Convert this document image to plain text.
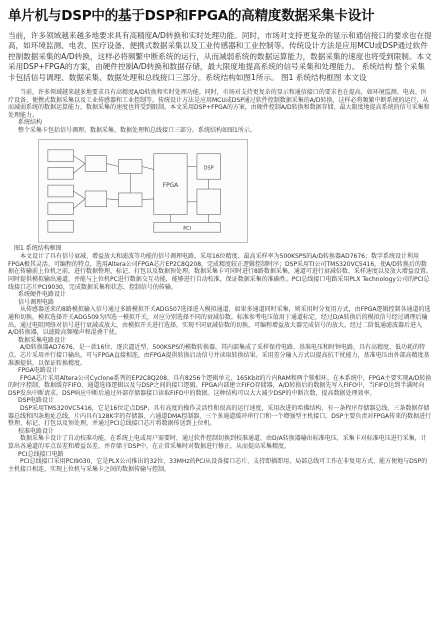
单片机与DSP中的基于DSP和FPGA的高精度数据采集卡设计
当前，许多领域越来越多地要求具有高精度A/D转换和实时处理功能。同时，市场对支持更复杂的显示和通信接口的要求也在提高，如环境监测、电表、医疗设备、便携式数据采集以及工业传感器和工业控制等。传统设计方法是应用MCU或DSP通过软件控制数据采集的A/D转换，这样必将频繁中断系统的运行，从而减弱系统的数据运算能力，数据采集的速度也将受到限制。本文采用DSP+FPGA的方案，由硬件控制A/D转换和数据存储，最大限度地提高系统的信号采集和处理能力。 系统结构 整个采集卡包括信号调理、数据采集、数据处理和总线接口三部分。系统结构如图1所示。 图1 系统结构框图 本文设

当前，许多领域越来越多地要求具有高精度A/D转换和实时处理功能。同时，市场对支持更复杂的显示和通信接口的要求也在提高，如环境监测、电表、医疗设备、便携式数据采集以及工业传感器和工业控制等。传统设计方法是应用MCU或DSP通过软件控制数据采集的A/D转换，这样必将频繁中断系统的运行，从而减弱系统的数据运算能力，数据采集的速度也将受到限制。本文采用DSP+FPGA的方案，由硬件控制A/D转换和数据存储，最大限度地提高系统的信号采集和处理能力。

系统结构

整个采集卡包括信号调理、数据采集、数据处理和总线接口三部分。系统结构如图1所示。

FPGA
DSP
PCI

图1 系统结构框图

本文设计了具有信号衰减、增益放大和滤波等功能的信号调理电路，采用16位精度、最高采样率为500KSPS的A/D转换器AD7676；数字系统设计利用FPGA极其灵活、可编程的特点，选用Altera公司FPGA芯片EP2C8Q208，完成精度较正逻辑控制时序；DSP采用TI公司TMS320VC5416，使A/D转换后的数据在传输前上位机之前，进行数据整理、标记、打包以及数据预处理。数据采集卡可同时进行8路数据采集，通道可进行衰减倍数、采样速度以及放大增益设置。同时提供模拟输出通道，并能与上位机PC进行数据交互功能，能够进行自动校准，保证数据采集的准确性。PCI总线接口电路采用PLX Technology公司的PCI总线接口芯片PCI9030，完成数据采集和状态、控制信号的传输。

系统硬件电路设计

信号调理电路

从传感器送来的8路模拟输入信号通过多路模拟开关ADG507选择进入模拟通道，如果多通道同时采集，则采用时分复用方式，由FPGA逻辑控制各通道的选通和切换。模拟选择开关ADG509为四选一模拟开关，对应分别选择不同的衰减倍数。标准参考电压值用于通道标定，经过D/A转换后的模拟信号经过调理后输出。通过电阻网络对信号进行衰减或放大，由模拟开关进行选择，实现不同衰减倍数的切换，可编程增益放大器完成信号的放大，经过二阶低通滤波器后进入A/D转换器，以滤除高频噪声和混叠干扰。

数据采集电路设计

A/D转换器AD7676，是一款16位、逐次逼近型、500KSPS的模数转换器，其内部集成了采样保持电路、基准电压和时钟电路，具有高精度、低功耗的特点。芯片采用并行接口输出，可与FPGA直接相连，由FPGA提供转换启动信号并读取转换结果。采用差分输入方式以提高抗干扰能力，基准电压由外部高精度基准源提供，以保证转换精度。

FPGA电路设计

FPGA芯片采用Altera公司Cyclone系列的EP2C8Q208，具有8256个逻辑单元、165Kbit的片内RAM和两个锁相环。在本系统中，FPGA主要实现A/D转换的时序控制、数据缓存FIFO、通道选择逻辑以及与DSP之间的接口逻辑。FPGA内部建立FIFO存储器，A/D转换后的数据先写入FIFO中，当FIFO达到半满时向DSP发出中断请求，DSP响应中断后通过外部存储器接口读取FIFO中的数据。这种结构可以大大减少DSP的中断次数，提高数据处理效率。

DSP电路设计

DSP采用TMS320VC5416，它是16位定点DSP，具有高度的操作灵活性和很高的运行速度，采用改进的哈佛结构，有一条程序存储器总线、三条数据存储器总线和四条地址总线，片内具有128K字的存储器、六通道DMA控制器、三个多通道缓冲串行口和一个增强型主机接口。DSP主要负责对FPGA传来的数据进行整理、标记、打包以及预处理，并通过PCI总线接口芯片将数据传送到上位机。

校准电路设计

数据采集卡设计了自动校准功能，在系统上电或用户需要时，通过软件控制切换到校准通道，由D/A转换器输出标准电压，采集卡对标准电压进行采集，计算出各通道的零点误差和增益误差，并存储于DSP中，在正常采集时对数据进行修正，从而提高采集精度。

PCI总线接口电路

PCI总线接口采用PCI9030，它是PLX公司推出的32位、33MHz的PCI从设备接口芯片，支持即插即用，局部总线可工作在非复用方式，能方便地与DSP的主机接口相连，实现上位机与采集卡之间的数据传输与控制。
